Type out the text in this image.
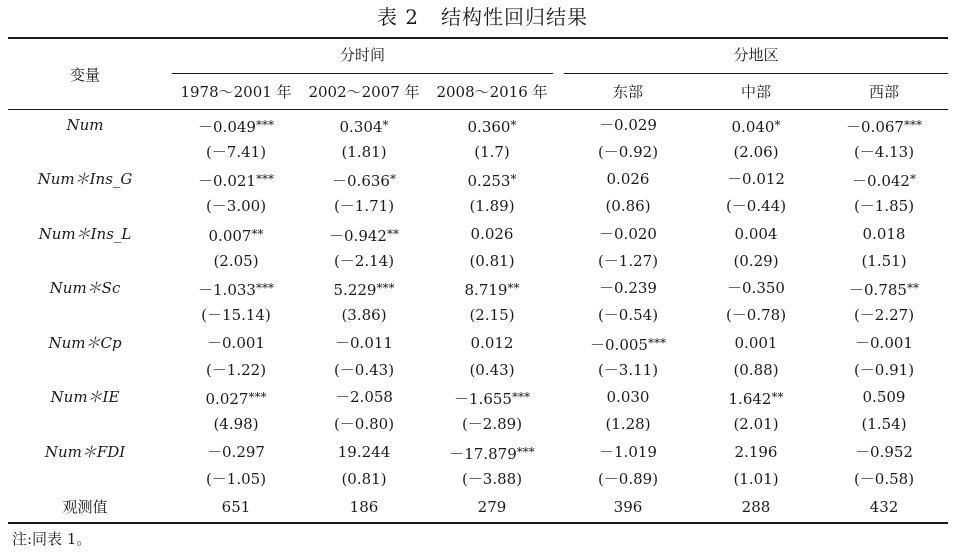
表 2 结构性回归结果
变量
分时间	分地区
1978～2001 年	2002～2007 年	2008～2016 年	东部	中部	西部
Num	－0.049***	0.304*	0.360*	－0.029	0.040*	－0.067***
(－7.41)	(1.81)	(1.7)	(－0.92)	(2.06)	(－4.13)
Num＊Ins_G	－0.021***	－0.636*	0.253*	0.026	－0.012	－0.042*
(－3.00)	(－1.71)	(1.89)	(0.86)	(－0.44)	(－1.85)
Num＊Ins_L	0.007**	－0.942**	0.026	－0.020	0.004	0.018
(2.05)	(－2.14)	(0.81)	(－1.27)	(0.29)	(1.51)
Num＊Sc	－1.033***	5.229***	8.719**	－0.239	－0.350	－0.785**
(－15.14)	(3.86)	(2.15)	(－0.54)	(－0.78)	(－2.27)
Num＊Cp	－0.001	－0.011	0.012	－0.005***	0.001	－0.001
(－1.22)	(－0.43)	(0.43)	(－3.11)	(0.88)	(－0.91)
Num＊IE	0.027***	－2.058	－1.655***	0.030	1.642**	0.509
(4.98)	(－0.80)	(－2.89)	(1.28)	(2.01)	(1.54)
Num＊FDI	－0.297	19.244	－17.879***	－1.019	2.196	－0.952
(－1.05)	(0.81)	(－3.88)	(－0.89)	(1.01)	(－0.58)
观测值	651	186	279	396	288	432
注:同表 1。
